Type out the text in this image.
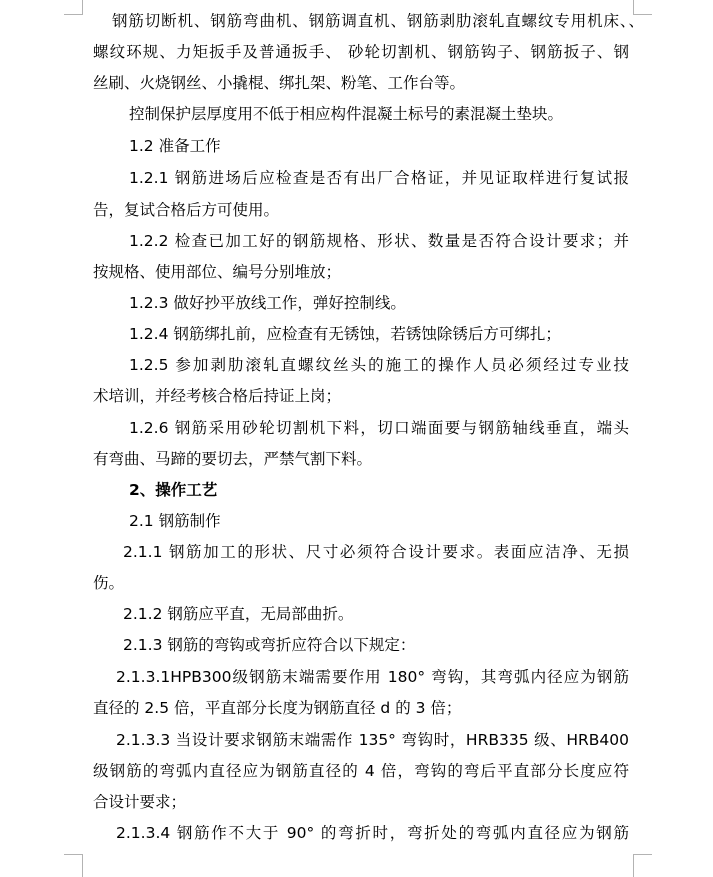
钢筋切断机、钢筋弯曲机、钢筋调直机、钢筋剥肋滚轧直螺纹专用机床、、
螺纹环规、力矩扳手及普通扳手、 砂轮切割机、钢筋钩子、钢筋扳子、钢
丝刷、火烧钢丝、小撬棍、绑扎架、粉笔、工作台等。
控制保护层厚度用不低于相应构件混凝土标号的素混凝土垫块。
1.2 准备工作
1.2.1 钢筋进场后应检查是否有出厂合格证，并见证取样进行复试报
告，复试合格后方可使用。
1.2.2 检查已加工好的钢筋规格、形状、数量是否符合设计要求；并
按规格、使用部位、编号分别堆放；
1.2.3 做好抄平放线工作，弹好控制线。
1.2.4 钢筋绑扎前，应检查有无锈蚀，若锈蚀除锈后方可绑扎；
1.2.5 参加剥肋滚轧直螺纹丝头的施工的操作人员必须经过专业技
术培训，并经考核合格后持证上岗；
1.2.6 钢筋采用砂轮切割机下料，切口端面要与钢筋轴线垂直，端头
有弯曲、马蹄的要切去，严禁气割下料。
2、操作工艺
2.1 钢筋制作
2.1.1 钢筋加工的形状、尺寸必须符合设计要求。表面应洁净、无损
伤。
2.1.2 钢筋应平直，无局部曲折。
2.1.3 钢筋的弯钩或弯折应符合以下规定：
2.1.3.1HPB300级钢筋末端需要作用 180° 弯钩，其弯弧内径应为钢筋
直径的 2.5 倍，平直部分长度为钢筋直径 d 的 3 倍；
2.1.3.3 当设计要求钢筋末端需作 135° 弯钩时，HRB335 级、HRB400
级钢筋的弯弧内直径应为钢筋直径的 4 倍，弯钩的弯后平直部分长度应符
合设计要求；
2.1.3.4 钢筋作不大于 90° 的弯折时，弯折处的弯弧内直径应为钢筋
